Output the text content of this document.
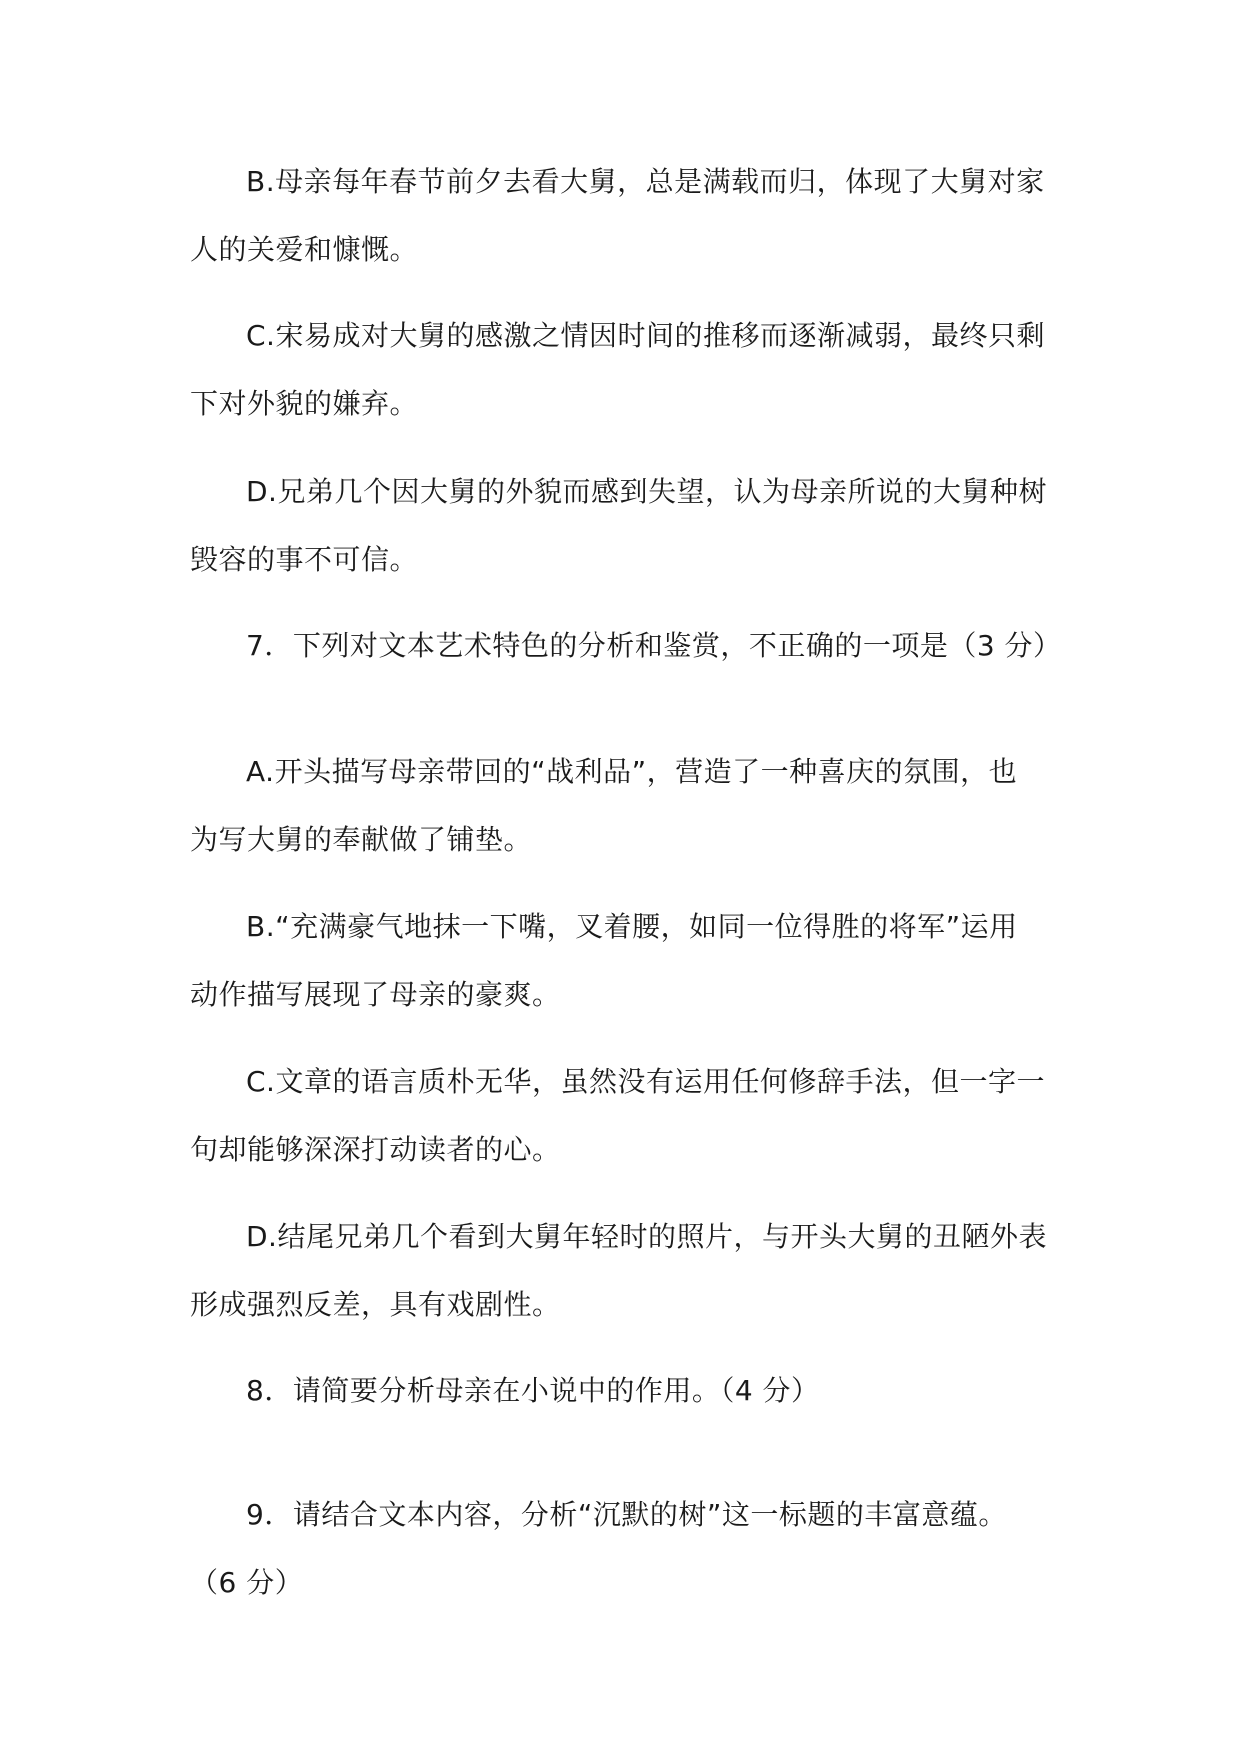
B.母亲每年春节前夕去看大舅，总是满载而归，体现了大舅对家
人的关爱和慷慨。

C.宋易成对大舅的感激之情因时间的推移而逐渐减弱，最终只剩
下对外貌的嫌弃。

D.兄弟几个因大舅的外貌而感到失望，认为母亲所说的大舅种树
毁容的事不可信。

7．下列对文本艺术特色的分析和鉴赏，不正确的一项是（3 分）

A.开头描写母亲带回的“战利品”，营造了一种喜庆的氛围，也
为写大舅的奉献做了铺垫。

B.“充满豪气地抹一下嘴，叉着腰，如同一位得胜的将军”运用
动作描写展现了母亲的豪爽。

C.文章的语言质朴无华，虽然没有运用任何修辞手法，但一字一
句却能够深深打动读者的心。

D.结尾兄弟几个看到大舅年轻时的照片，与开头大舅的丑陋外表
形成强烈反差，具有戏剧性。

8．请简要分析母亲在小说中的作用。（4 分）

9．请结合文本内容，分析“沉默的树”这一标题的丰富意蕴。
（6 分）
